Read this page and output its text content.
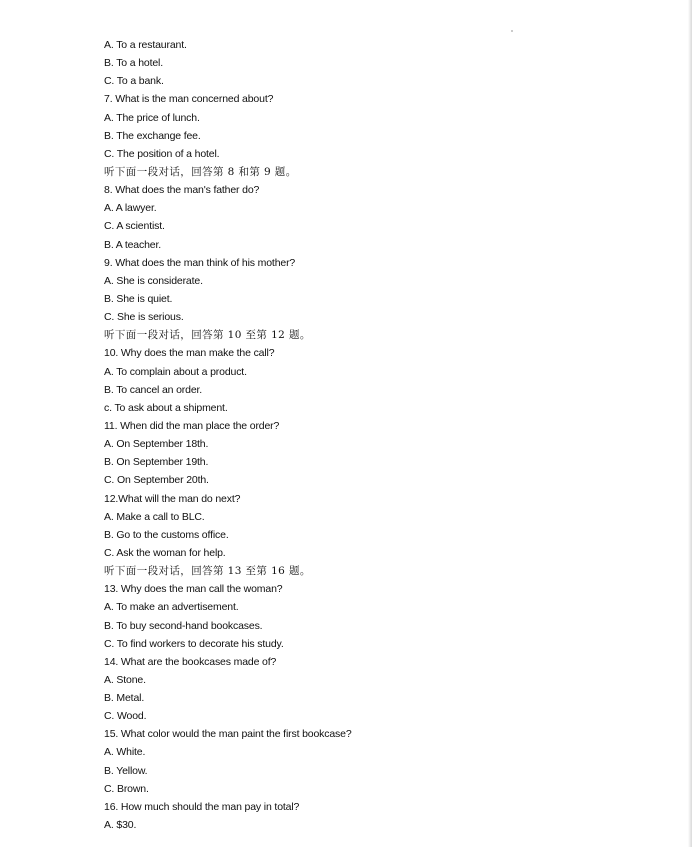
A. To a restaurant.
B. To a hotel.
C. To a bank.
7. What is the man concerned about?
A. The price of lunch.
B. The exchange fee.
C. The position of a hotel.
听下面一段对话，回答第 8 和第 9 题。
8. What does the man's father do?
A. A lawyer.
C. A scientist.
B. A teacher.
9. What does the man think of his mother?
A. She is considerate.
B. She is quiet.
C. She is serious.
听下面一段对话，回答第 10 至第 12 题。
10. Why does the man make the call?
A. To complain about a product.
B. To cancel an order.
c. To ask about a shipment.
11. When did the man place the order?
A. On September 18th.
B. On September 19th.
C. On September 20th.
12.What will the man do next?
A. Make a call to BLC.
B. Go to the customs office.
C. Ask the woman for help.
听下面一段对话，回答第 13 至第 16 题。
13. Why does the man call the woman?
A. To make an advertisement.
B. To buy second-hand bookcases.
C. To find workers to decorate his study.
14. What are the bookcases made of?
A. Stone.
B. Metal.
C. Wood.
15. What color would the man paint the first bookcase?
A. White.
B. Yellow.
C. Brown.
16. How much should the man pay in total?
A. $30.
